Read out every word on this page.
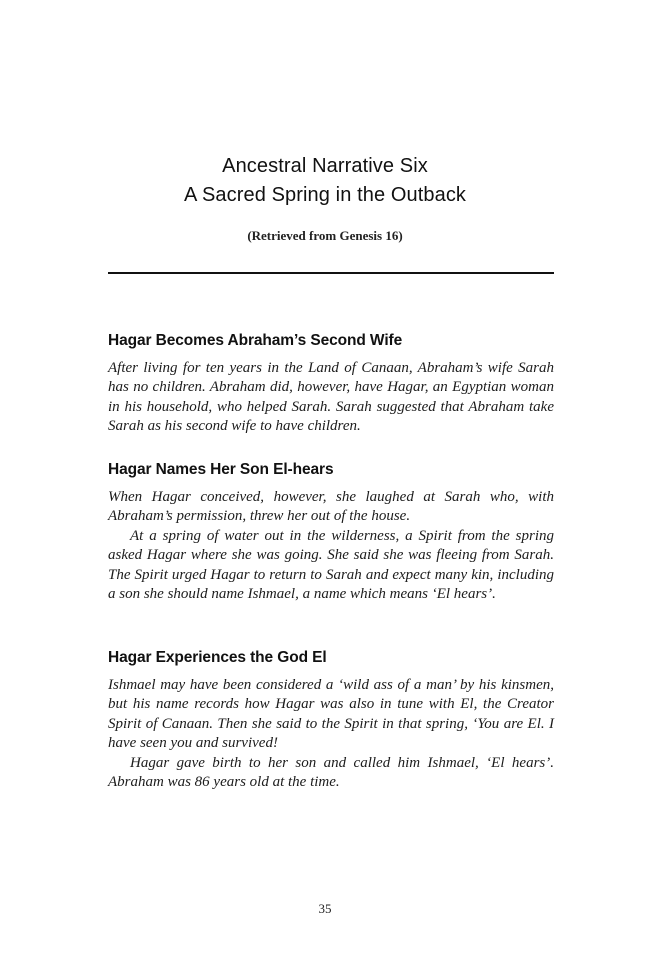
Ancestral Narrative Six
A Sacred Spring in the Outback
(Retrieved from Genesis 16)
Hagar Becomes Abraham’s Second Wife

After living for ten years in the Land of Canaan, Abraham’s wife Sarah has no children. Abraham did, however, have Hagar, an Egyptian woman in his household, who helped Sarah. Sarah suggested that Abraham take Sarah as his second wife to have children.

Hagar Names Her Son El-hears

When Hagar conceived, however, she laughed at Sarah who, with Abraham’s permission, threw her out of the house.

At a spring of water out in the wilderness, a Spirit from the spring asked Hagar where she was going. She said she was fleeing from Sarah. The Spirit urged Hagar to return to Sarah and expect many kin, including a son she should name Ishmael, a name which means ‘El hears’.

Hagar Experiences the God El

Ishmael may have been considered a ‘wild ass of a man’ by his kinsmen, but his name records how Hagar was also in tune with El, the Creator Spirit of Canaan. Then she said to the Spirit in that spring, ‘You are El. I have seen you and survived!

Hagar gave birth to her son and called him Ishmael, ‘El hears’. Abraham was 86 years old at the time.

35
